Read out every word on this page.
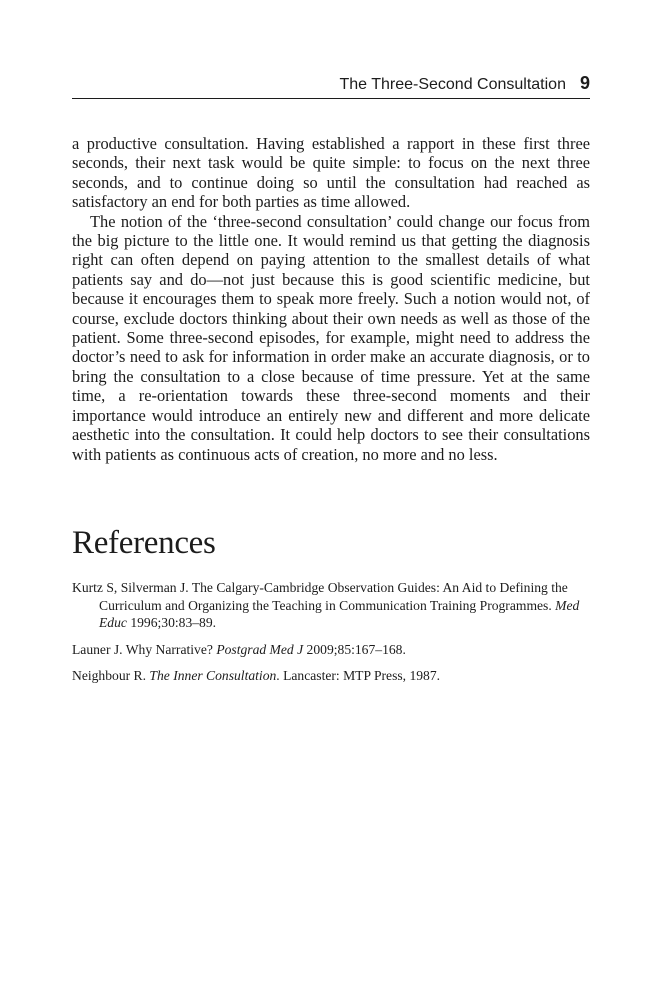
The Three-Second Consultation 9

a productive consultation. Having established a rapport in these first three seconds, their next task would be quite simple: to focus on the next three seconds, and to continue doing so until the consultation had reached as satisfactory an end for both parties as time allowed.

The notion of the ‘three-second consultation’ could change our focus from the big picture to the little one. It would remind us that getting the diagnosis right can often depend on paying attention to the smallest details of what patients say and do—not just because this is good scientific medicine, but because it encourages them to speak more freely. Such a notion would not, of course, exclude doctors thinking about their own needs as well as those of the patient. Some three-second episodes, for example, might need to address the doctor’s need to ask for information in order make an accurate diagnosis, or to bring the consultation to a close because of time pressure. Yet at the same time, a re-orientation towards these three-second moments and their importance would introduce an entirely new and different and more delicate aesthetic into the consultation. It could help doctors to see their consultations with patients as continuous acts of creation, no more and no less.

References
Kurtz S, Silverman J. The Calgary-Cambridge Observation Guides: An Aid to Defining the Curriculum and Organizing the Teaching in Communication Training Programmes. Med Educ 1996;30:83–89.
Launer J. Why Narrative? Postgrad Med J 2009;85:167–168.
Neighbour R. The Inner Consultation. Lancaster: MTP Press, 1987.
